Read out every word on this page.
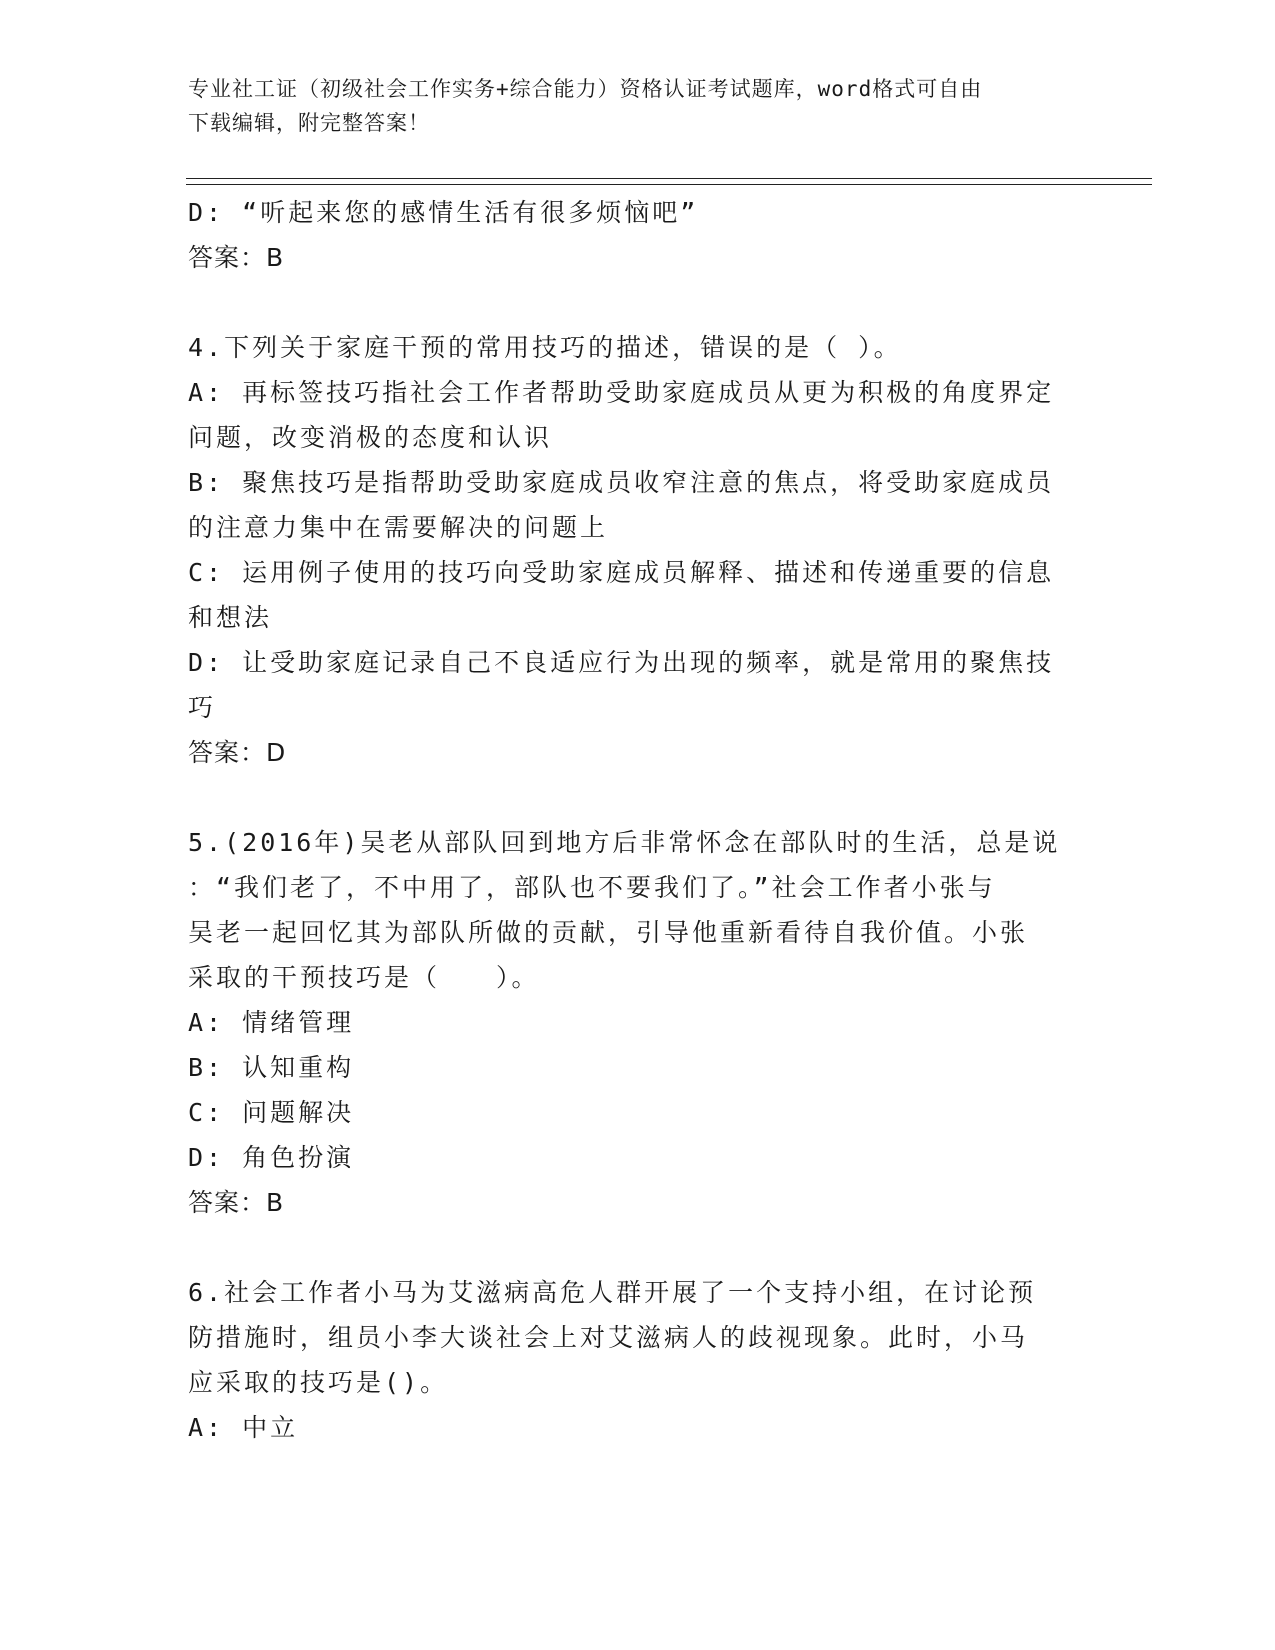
专业社工证（初级社会工作实务+综合能力）资格认证考试题库，word格式可自由
下载编辑，附完整答案！

D: “听起来您的感情生活有很多烦恼吧”

答案：B

4.下列关于家庭干预的常用技巧的描述，错误的是（ ）。

A: 再标签技巧指社会工作者帮助受助家庭成员从更为积极的角度界定

问题，改变消极的态度和认识

B: 聚焦技巧是指帮助受助家庭成员收窄注意的焦点，将受助家庭成员

的注意力集中在需要解决的问题上

C: 运用例子使用的技巧向受助家庭成员解释、描述和传递重要的信息

和想法

D: 让受助家庭记录自己不良适应行为出现的频率，就是常用的聚焦技

巧

答案：D

5.(2016年)吴老从部队回到地方后非常怀念在部队时的生活，总是说

：“我们老了，不中用了，部队也不要我们了。”社会工作者小张与

吴老一起回忆其为部队所做的贡献，引导他重新看待自我价值。小张

采取的干预技巧是（　　）。

A: 情绪管理

B: 认知重构

C: 问题解决

D: 角色扮演

答案：B

6.社会工作者小马为艾滋病高危人群开展了一个支持小组，在讨论预

防措施时，组员小李大谈社会上对艾滋病人的歧视现象。此时，小马

应采取的技巧是()。

A: 中立
